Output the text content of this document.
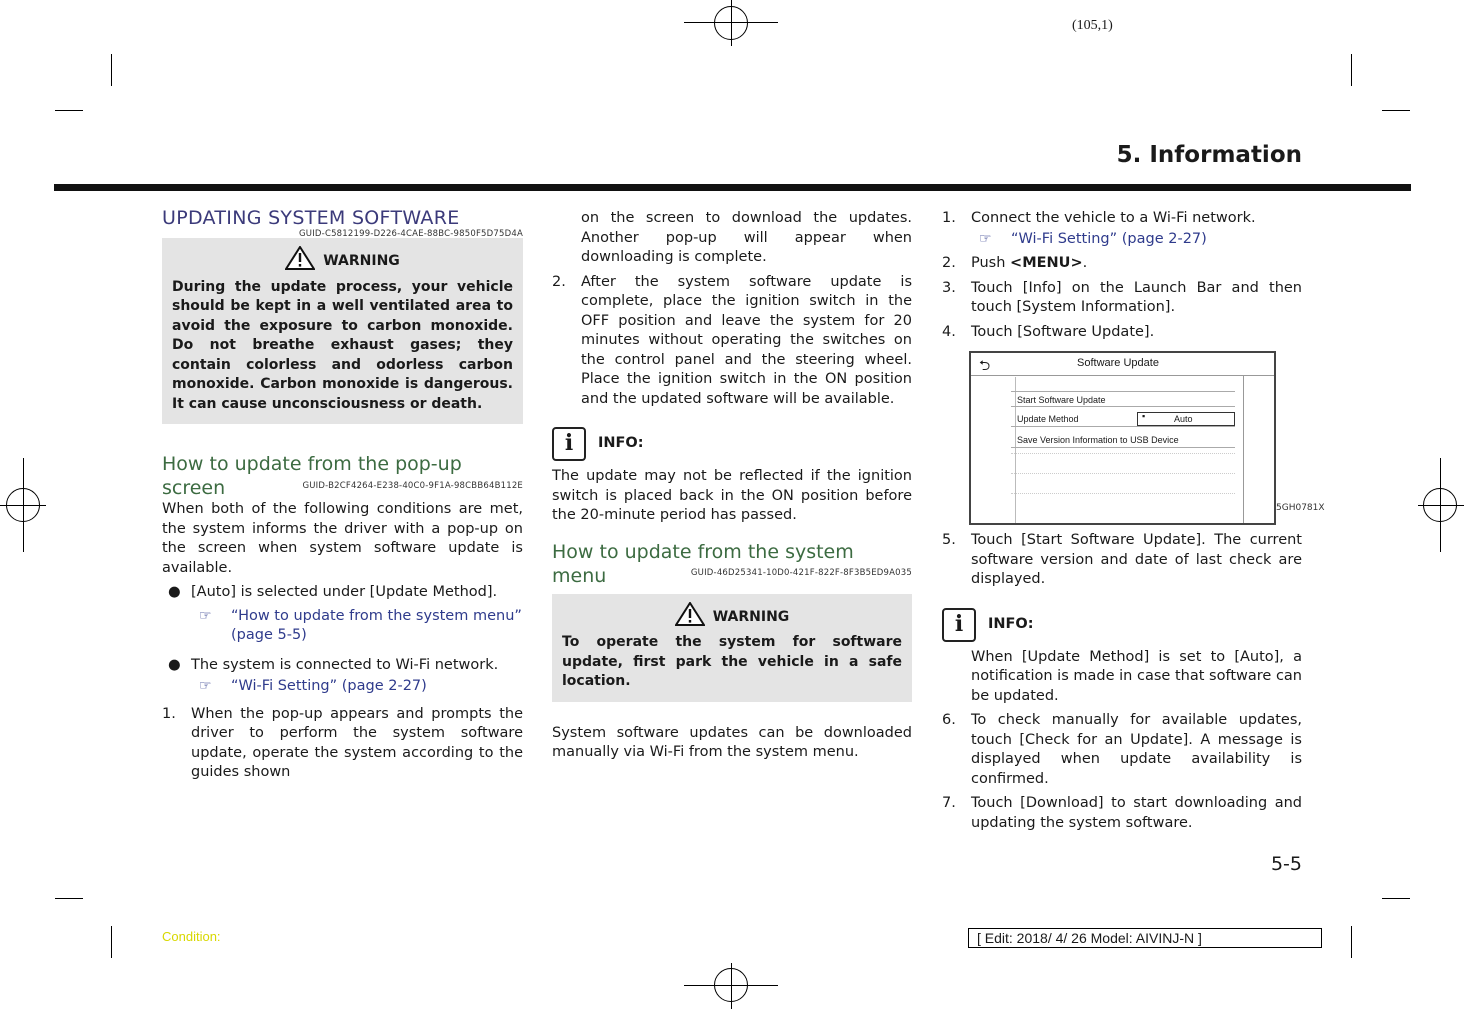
(105,1)
5. Information
UPDATING SYSTEM SOFTWARE
GUID-C5812199-D226-4CAE-88BC-9850F5D75D4A
WARNING
During the update process, your vehicle should be kept in a well ventilated area to avoid the exposure to carbon monoxide. Do not breathe exhaust gases; they contain colorless and odorless carbon monoxide. Carbon monoxide is dangerous. It can cause unconsciousness or death.
How to update from the pop-up screen	GUID-B2CF4264-E238-40C0-9F1A-98CBB64B112E
When both of the following conditions are met, the system informs the driver with a pop-up on the screen when system software update is available.
● [Auto] is selected under [Update Method].
☞ “How to update from the system menu” (page 5-5)
● The system is connected to Wi-Fi network.
☞ “Wi-Fi Setting” (page 2-27)
1. When the pop-up appears and prompts the driver to perform the system software update, operate the system according to the guides shown
on the screen to download the updates. Another pop-up will appear when downloading is complete.
2. After the system software update is complete, place the ignition switch in the OFF position and leave the system for 20 minutes without operating the switches on the control panel and the steering wheel. Place the ignition switch in the ON position and the updated software will be available.
i	INFO:
The update may not be reflected if the ignition switch is placed back in the ON position before the 20-minute period has passed.
How to update from the system menu	GUID-46D25341-10D0-421F-822F-8F3B5ED9A035
WARNING
To operate the system for software update, first park the vehicle in a safe location.
System software updates can be downloaded manually via Wi-Fi from the system menu.
1. Connect the vehicle to a Wi-Fi network.
☞ “Wi-Fi Setting” (page 2-27)
2. Push <MENU>.
3. Touch [Info] on the Launch Bar and then touch [System Information].
4. Touch [Software Update].
⮌	Software Update
Start Software Update
Update Method	▪	Auto
Save Version Information to USB Device
5GH0781X
5. Touch [Start Software Update]. The current software version and date of last check are displayed.
i	INFO:
When [Update Method] is set to [Auto], a notification is made in case that software can be updated.
6. To check manually for available updates, touch [Check for an Update]. A message is displayed when update availability is confirmed.
7. Touch [Download] to start downloading and updating the system software.
5-5
Condition:	[ Edit: 2018/ 4/ 26 Model: AIVINJ-N ]
